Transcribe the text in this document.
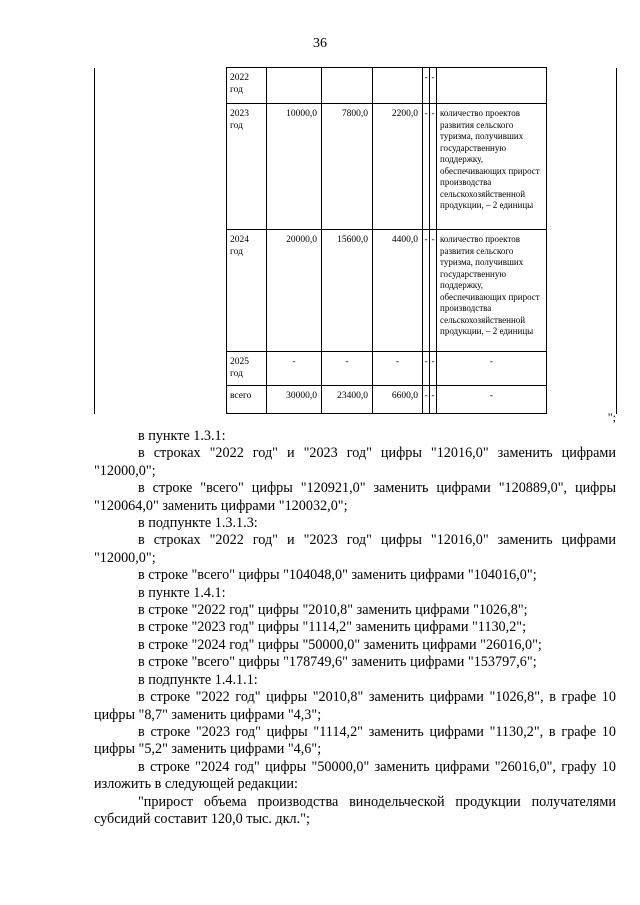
36

	2022 год				-	-		

	2023 год	10000,0	7800,0	2200,0	-	-	количество проектов развития сельского туризма, получивших государственную поддержку, обеспечивающих прирост производства сельскохозяйственной продукции, – 2 единицы	

	2024 год	20000,0	15600,0	4400,0	-	-	количество проектов развития сельского туризма, получивших государственную поддержку, обеспечивающих прирост производства сельскохозяйственной продукции, – 2 единицы	

	2025 год	-	-	-	-	-	-	

	всего	30000,0	23400,0	6600,0	-	-	-	
";

в пункте 1.3.1:

в строках "2022 год" и "2023 год" цифры "12016,0" заменить цифрами "12000,0";

в строке "всего" цифры "120921,0" заменить цифрами "120889,0", цифры "120064,0" заменить цифрами "120032,0";

в подпункте 1.3.1.3:

в строках "2022 год" и "2023 год" цифры "12016,0" заменить цифрами "12000,0";

в строке "всего" цифры "104048,0" заменить цифрами "104016,0";

в пункте 1.4.1:

в строке "2022 год" цифры "2010,8" заменить цифрами "1026,8";

в строке "2023 год" цифры "1114,2" заменить цифрами "1130,2";

в строке "2024 год" цифры "50000,0" заменить цифрами "26016,0";

в строке "всего" цифры "178749,6" заменить цифрами "153797,6";

в подпункте 1.4.1.1:

в строке "2022 год" цифры "2010,8" заменить цифрами "1026,8", в графе 10 цифры "8,7" заменить цифрами "4,3";

в строке "2023 год" цифры "1114,2" заменить цифрами "1130,2", в графе 10 цифры "5,2" заменить цифрами "4,6";

в строке "2024 год" цифры "50000,0" заменить цифрами "26016,0", графу 10 изложить в следующей редакции:

"прирост объема производства винодельческой продукции получателями субсидий составит 120,0 тыс. дкл.";
